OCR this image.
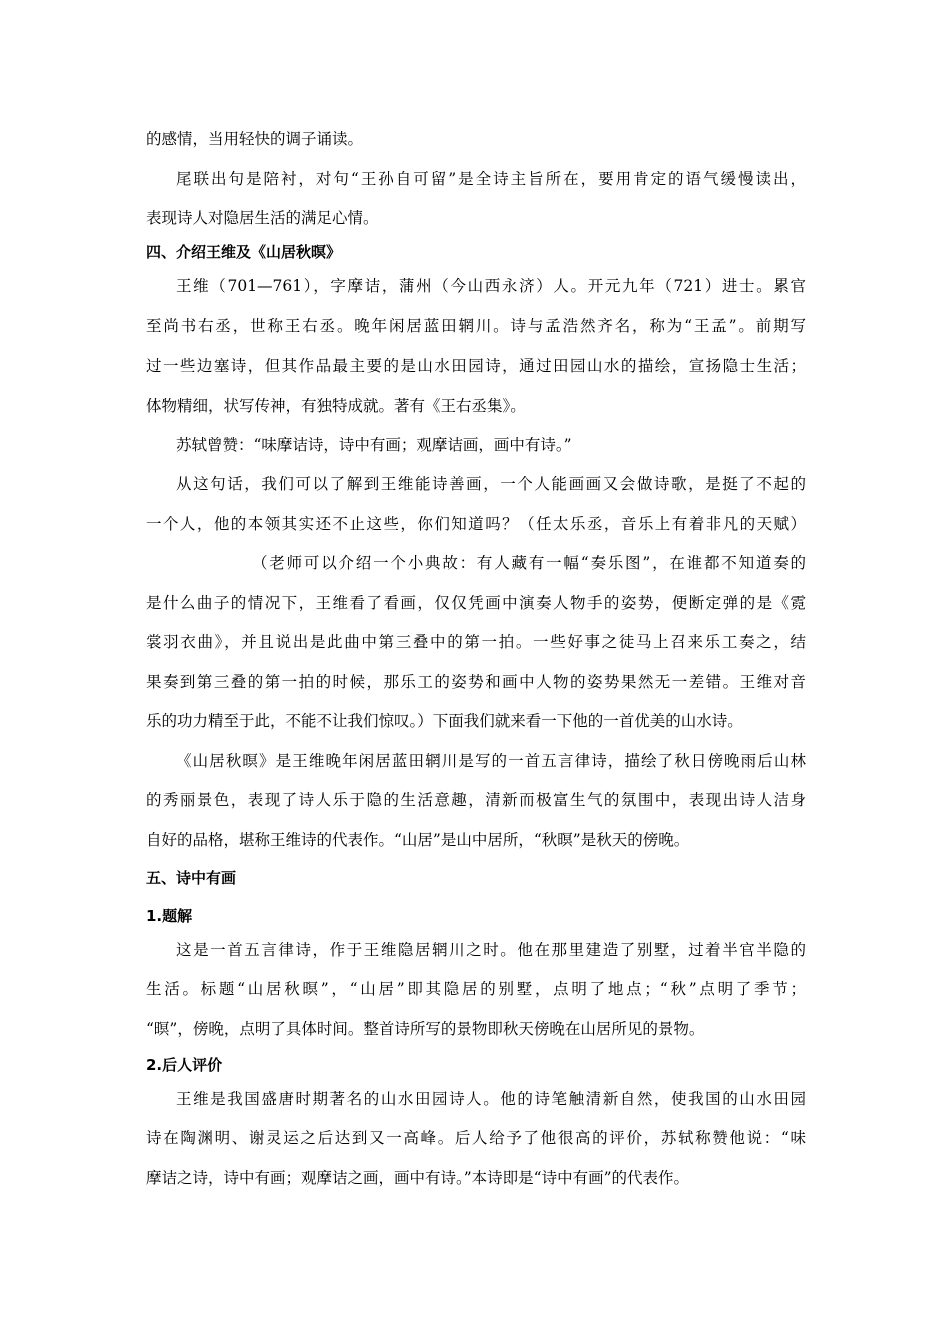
的感情，当用轻快的调子诵读。

尾联出句是陪衬，对句“王孙自可留”是全诗主旨所在，要用肯定的语气缓慢读出，

表现诗人对隐居生活的满足心情。

四、介绍王维及《山居秋暝》

王维（701—761），字摩诘，蒲州（今山西永济）人。开元九年（721）进士。累官

至尚书右丞，世称王右丞。晚年闲居蓝田辋川。诗与孟浩然齐名，称为“王孟”。前期写

过一些边塞诗，但其作品最主要的是山水田园诗，通过田园山水的描绘，宣扬隐士生活；

体物精细，状写传神，有独特成就。著有《王右丞集》。

苏轼曾赞：“味摩诘诗，诗中有画；观摩诘画，画中有诗。”

从这句话，我们可以了解到王维能诗善画，一个人能画画又会做诗歌，是挺了不起的

一个人，他的本领其实还不止这些，你们知道吗？（任太乐丞，音乐上有着非凡的天赋）

（老师可以介绍一个小典故：有人藏有一幅“奏乐图”，在谁都不知道奏的

是什么曲子的情况下，王维看了看画，仅仅凭画中演奏人物手的姿势，便断定弹的是《霓

裳羽衣曲》，并且说出是此曲中第三叠中的第一拍。一些好事之徒马上召来乐工奏之，结

果奏到第三叠的第一拍的时候，那乐工的姿势和画中人物的姿势果然无一差错。王维对音

乐的功力精至于此，不能不让我们惊叹。）下面我们就来看一下他的一首优美的山水诗。

《山居秋暝》是王维晚年闲居蓝田辋川是写的一首五言律诗，描绘了秋日傍晚雨后山林

的秀丽景色，表现了诗人乐于隐的生活意趣，清新而极富生气的氛围中，表现出诗人洁身

自好的品格，堪称王维诗的代表作。“山居”是山中居所，“秋暝”是秋天的傍晚。

五、诗中有画

1.题解

这是一首五言律诗，作于王维隐居辋川之时。他在那里建造了别墅，过着半官半隐的

生活。标题“山居秋暝”，“山居”即其隐居的别墅，点明了地点；“秋”点明了季节；

“暝”，傍晚，点明了具体时间。整首诗所写的景物即秋天傍晚在山居所见的景物。

2.后人评价

王维是我国盛唐时期著名的山水田园诗人。他的诗笔触清新自然，使我国的山水田园

诗在陶渊明、谢灵运之后达到又一高峰。后人给予了他很高的评价，苏轼称赞他说：“味

摩诘之诗，诗中有画；观摩诘之画，画中有诗。”本诗即是“诗中有画”的代表作。
